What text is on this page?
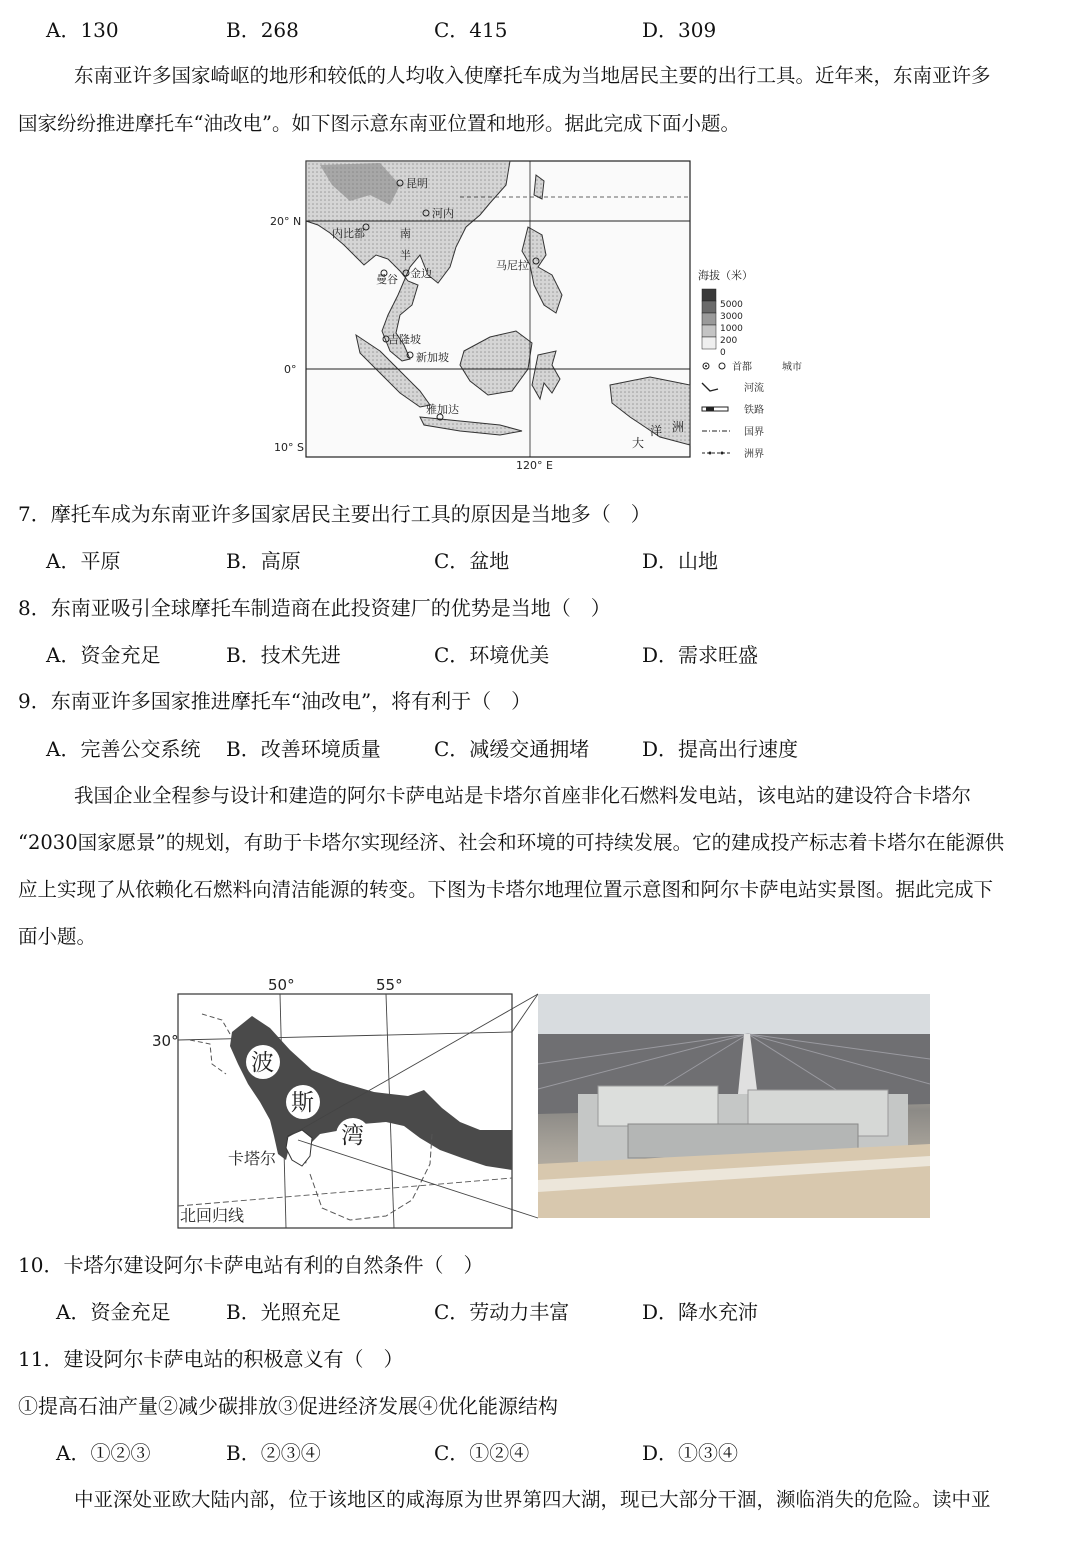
A．130	B．268	C．415	D．309
东南亚许多国家崎岖的地形和较低的人均收入使摩托车成为当地居民主要的出行工具。近年来，东南亚许多
国家纷纷推进摩托车“油改电”。如下图示意东南亚位置和地形。据此完成下面小题。
20° N
0°
10° S
120° E
昆明
河内
内比都	南
半
金边
曼谷
马尼拉
吉隆坡
新加坡
雅加达
大
洋 洲
海拔（米）
5000
3000
1000
200
0
首都	城市
河流
铁路
国界
洲界
7．摩托车成为东南亚许多国家居民主要出行工具的原因是当地多（　）
A．平原	B．高原	C．盆地	D．山地
8．东南亚吸引全球摩托车制造商在此投资建厂的优势是当地（　）
A．资金充足	B．技术先进	C．环境优美	D．需求旺盛
9．东南亚许多国家推进摩托车“油改电”，将有利于（　）
A．完善公交系统 B．改善环境质量	C．减缓交通拥堵	D．提高出行速度
我国企业全程参与设计和建造的阿尔卡萨电站是卡塔尔首座非化石燃料发电站，该电站的建设符合卡塔尔
“2030国家愿景”的规划，有助于卡塔尔实现经济、社会和环境的可持续发展。它的建成投产标志着卡塔尔在能源供
应上实现了从依赖化石燃料向清洁能源的转变。下图为卡塔尔地理位置示意图和阿尔卡萨电站实景图。据此完成下
面小题。
50°	55°
30°
波
斯
湾
卡塔尔
北回归线
10．卡塔尔建设阿尔卡萨电站有利的自然条件（　）
A．资金充足	B．光照充足	C．劳动力丰富	D．降水充沛
11．建设阿尔卡萨电站的积极意义有（　）
①提高石油产量②减少碳排放③促进经济发展④优化能源结构
A．①②③	B．②③④	C．①②④	D．①③④
中亚深处亚欧大陆内部，位于该地区的咸海原为世界第四大湖，现已大部分干涸，濒临消失的危险。读中亚
